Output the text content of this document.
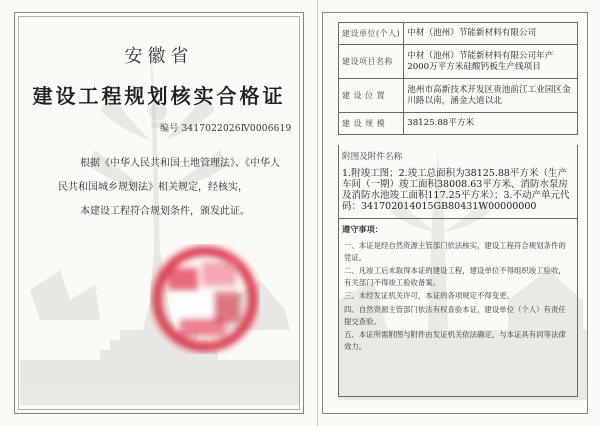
安徽省
建设工程规划核实合格证
编号 3417022026Ⅳ0006619

根据《中华人民共和国土地管理法》、《中华人民共和国城乡规划法》相关规定，经核实，

本建设工程符合规划条件，颁发此证。

建设单位(个人)	中材（池州）节能新材料有限公司
建设项目名称	中材（池州）节能新材料有限公司年产2000万平方米硅酸钙板生产线项目
建 设 位 置	池州市高新技术开发区贵池前江工业园区金川路以南，涵金大道以北
建 设 规 模	38125.88平方米
附图及附件名称
1.附竣工图；2.竣工总面积为38125.88平方米（生产车间（一期）竣工面积38008.63平方米、消防水泵房及消防水池竣工面积117.25平方米）；3.不动产单元代码：341702014015GB80431W00000000
遵守事项：
一、本证是经自然资源主管部门依法核实，建设工程符合规划条件的凭证。
二、凡竣工后未取得本证的建设工程，建设单位不得组织竣工验收，有关部门不得竣工验收备案。
三、未经发证机关许可，本证的各项规定不得变更。
四、自然资源主管部门依法有权查验本证，建设单位（个人）有责任提交查验。
五、本证所需附图与附件由发证机关依法确定，与本证具有同等法律效力。
